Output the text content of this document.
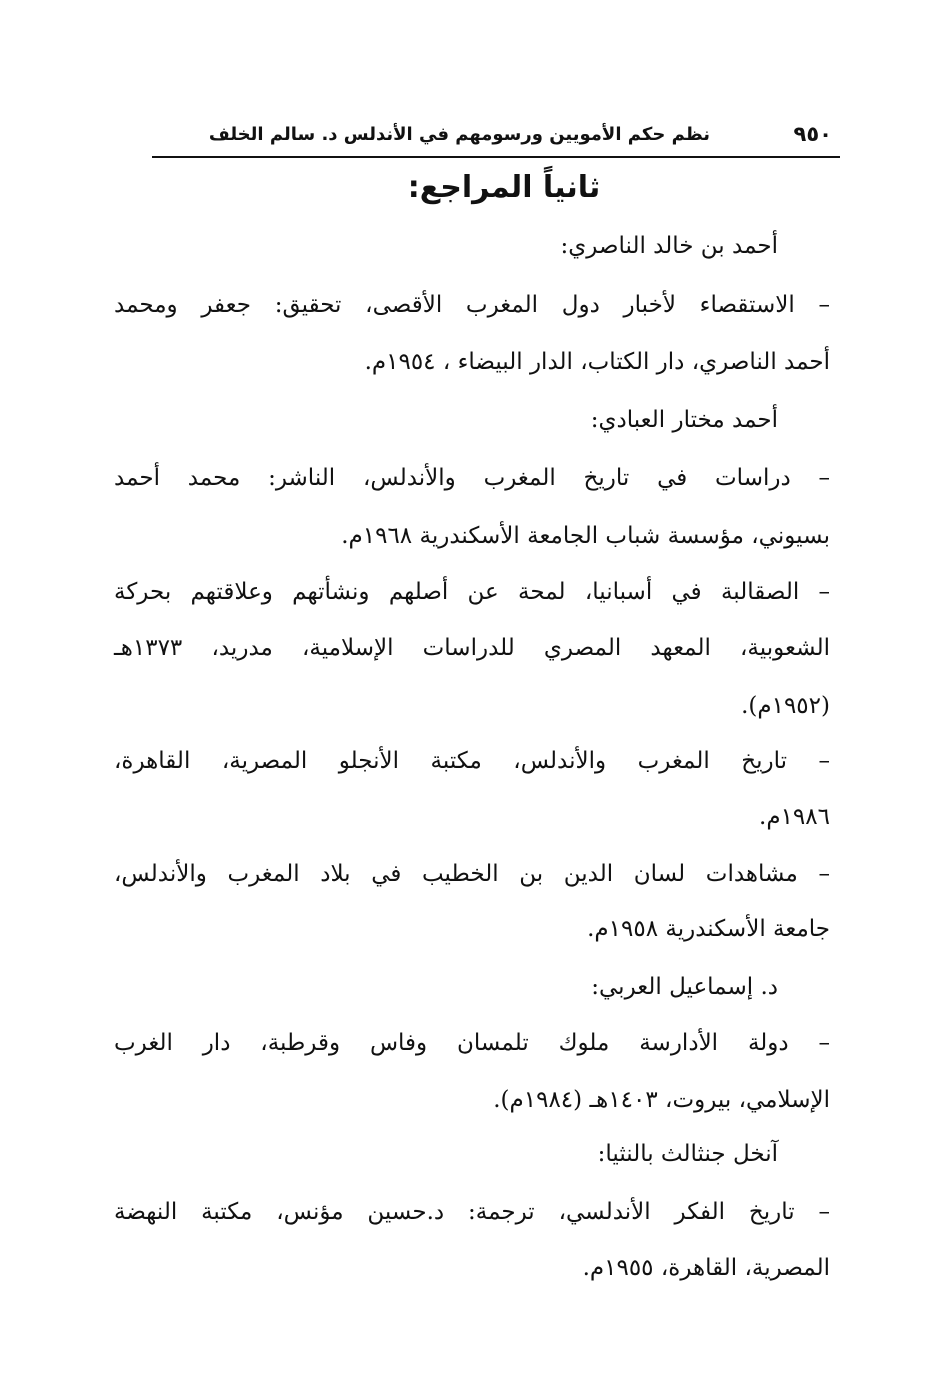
٩٥٠
نظم حكم الأمويين ورسومهم في الأندلس د. سالم الخلف
ثانياً المراجع:
أحمد بن خالد الناصري:
– الاستقصاء لأخبار دول المغرب الأقصى، تحقيق: جعفر ومحمد
أحمد الناصري، دار الكتاب، الدار البيضاء ، ١٩٥٤م.
أحمد مختار العبادي:
– دراسات في تاريخ المغرب والأندلس، الناشر: محمد أحمد
بسيوني، مؤسسة شباب الجامعة الأسكندرية ١٩٦٨م.
– الصقالبة في أسبانيا، لمحة عن أصلهم ونشأتهم وعلاقتهم بحركة
الشعوبية، المعهد المصري للدراسات الإسلامية، مدريد، ١٣٧٣هـ
(١٩٥٢م).
– تاريخ المغرب والأندلس، مكتبة الأنجلو المصرية، القاهرة،
١٩٨٦م.
– مشاهدات لسان الدين بن الخطيب في بلاد المغرب والأندلس،
جامعة الأسكندرية ١٩٥٨م.
د. إسماعيل العربي:
– دولة الأدارسة ملوك تلمسان وفاس وقرطبة، دار الغرب
الإسلامي، بيروت، ١٤٠٣هـ (١٩٨٤م).
آنخل جنثالث بالنثيا:
– تاريخ الفكر الأندلسي، ترجمة: د.حسين مؤنس، مكتبة النهضة
المصرية، القاهرة، ١٩٥٥م.
